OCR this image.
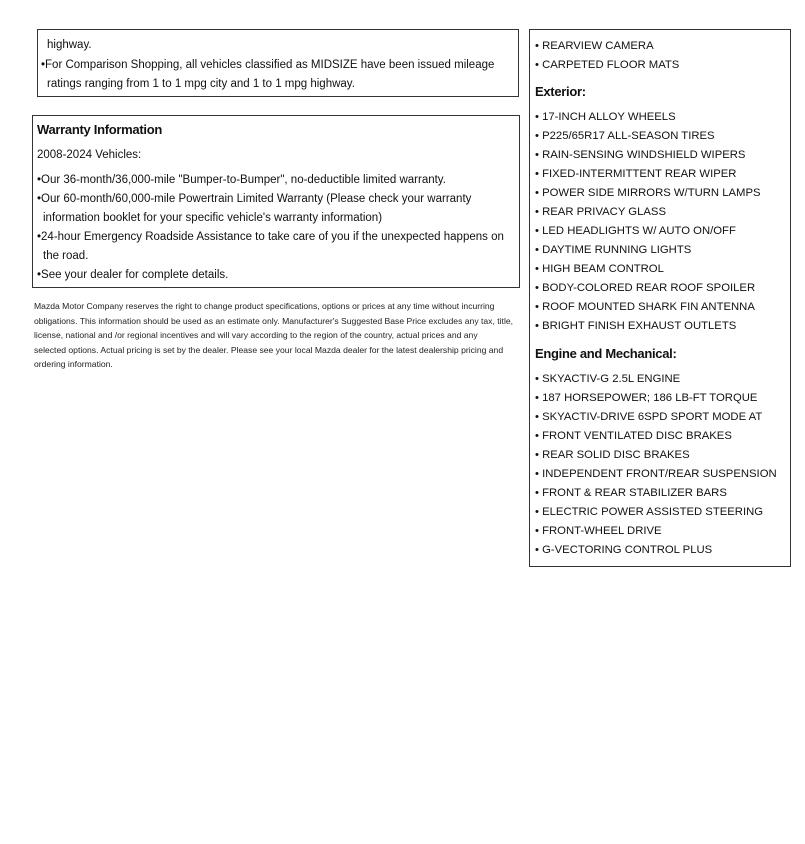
highway.
•For Comparison Shopping, all vehicles classified as MIDSIZE have been issued mileage
ratings ranging from 1 to 1 mpg city and 1 to 1 mpg highway.
Warranty Information
2008-2024 Vehicles:
•Our 36-month/36,000-mile "Bumper-to-Bumper", no-deductible limited warranty.
•Our 60-month/60,000-mile Powertrain Limited Warranty (Please check your warranty
information booklet for your specific vehicle's warranty information)
•24-hour Emergency Roadside Assistance to take care of you if the unexpected happens on
the road.
•See your dealer for complete details.
Mazda Motor Company reserves the right to change product specifications, options or prices at any time without incurring
obligations. This information should be used as an estimate only. Manufacturer's Suggested Base Price excludes any tax, title,
license, national and /or regional incentives and will vary according to the region of the country, actual prices and any
selected options. Actual pricing is set by the dealer. Please see your local Mazda dealer for the latest dealership pricing and
ordering information.
• REARVIEW CAMERA
• CARPETED FLOOR MATS
Exterior:
• 17-INCH ALLOY WHEELS
• P225/65R17 ALL-SEASON TIRES
• RAIN-SENSING WINDSHIELD WIPERS
• FIXED-INTERMITTENT REAR WIPER
• POWER SIDE MIRRORS W/TURN LAMPS
• REAR PRIVACY GLASS
• LED HEADLIGHTS W/ AUTO ON/OFF
• DAYTIME RUNNING LIGHTS
• HIGH BEAM CONTROL
• BODY-COLORED REAR ROOF SPOILER
• ROOF MOUNTED SHARK FIN ANTENNA
• BRIGHT FINISH EXHAUST OUTLETS
Engine and Mechanical:
• SKYACTIV-G 2.5L ENGINE
• 187 HORSEPOWER; 186 LB-FT TORQUE
• SKYACTIV-DRIVE 6SPD SPORT MODE AT
• FRONT VENTILATED DISC BRAKES
• REAR SOLID DISC BRAKES
• INDEPENDENT FRONT/REAR SUSPENSION
• FRONT & REAR STABILIZER BARS
• ELECTRIC POWER ASSISTED STEERING
• FRONT-WHEEL DRIVE
• G-VECTORING CONTROL PLUS
